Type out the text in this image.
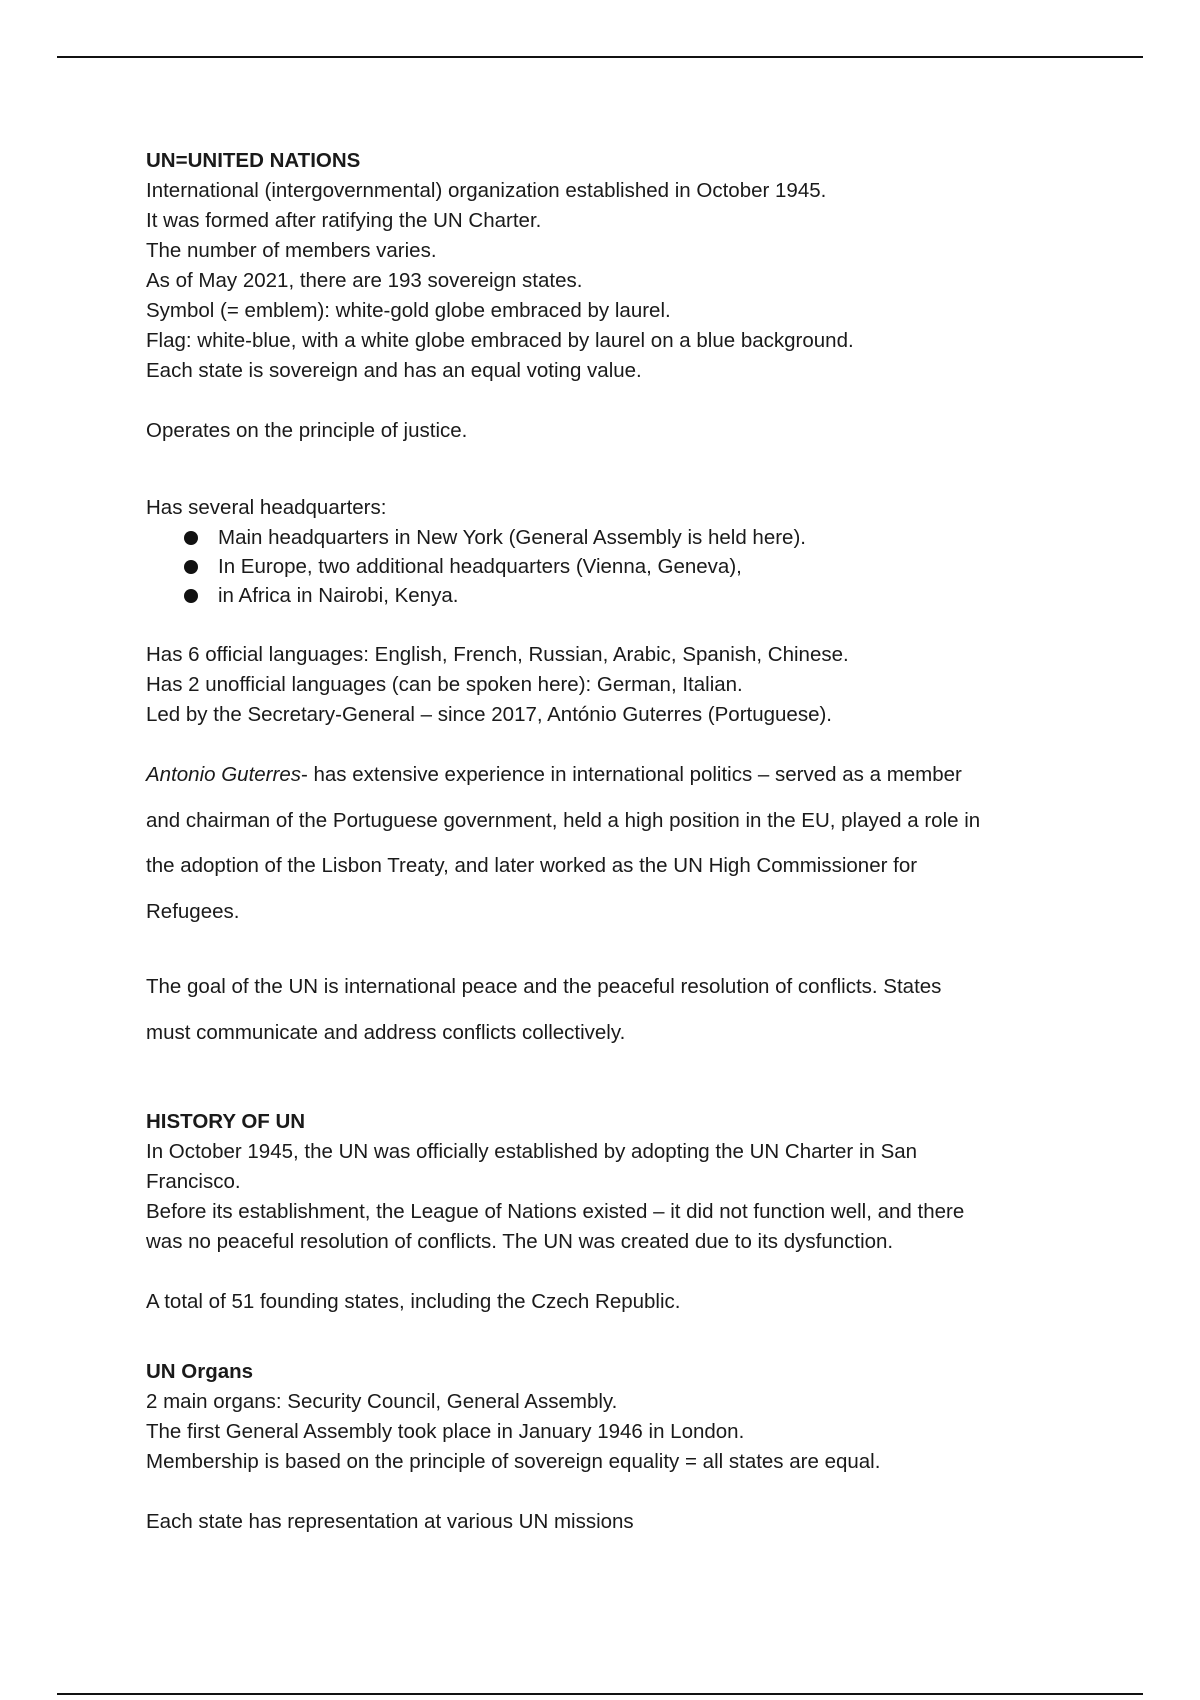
UN=UNITED NATIONS
International (intergovernmental) organization established in October 1945.
It was formed after ratifying the UN Charter.
The number of members varies.
As of May 2021, there are 193 sovereign states.
Symbol (= emblem): white-gold globe embraced by laurel.
Flag: white-blue, with a white globe embraced by laurel on a blue background.
Each state is sovereign and has an equal voting value.
Operates on the principle of justice.
Has several headquarters:
Main headquarters in New York (General Assembly is held here).
In Europe, two additional headquarters (Vienna, Geneva),
in Africa in Nairobi, Kenya.
Has 6 official languages: English, French, Russian, Arabic, Spanish, Chinese.
Has 2 unofficial languages (can be spoken here): German, Italian.
Led by the Secretary-General – since 2017, António Guterres (Portuguese).
Antonio Guterres- has extensive experience in international politics – served as a member
and chairman of the Portuguese government, held a high position in the EU, played a role in
the adoption of the Lisbon Treaty, and later worked as the UN High Commissioner for
Refugees.
The goal of the UN is international peace and the peaceful resolution of conflicts. States
must communicate and address conflicts collectively.
HISTORY OF UN
In October 1945, the UN was officially established by adopting the UN Charter in San
Francisco.
Before its establishment, the League of Nations existed – it did not function well, and there
was no peaceful resolution of conflicts. The UN was created due to its dysfunction.
A total of 51 founding states, including the Czech Republic.
UN Organs
2 main organs: Security Council, General Assembly.
The first General Assembly took place in January 1946 in London.
Membership is based on the principle of sovereign equality = all states are equal.
Each state has representation at various UN missions
